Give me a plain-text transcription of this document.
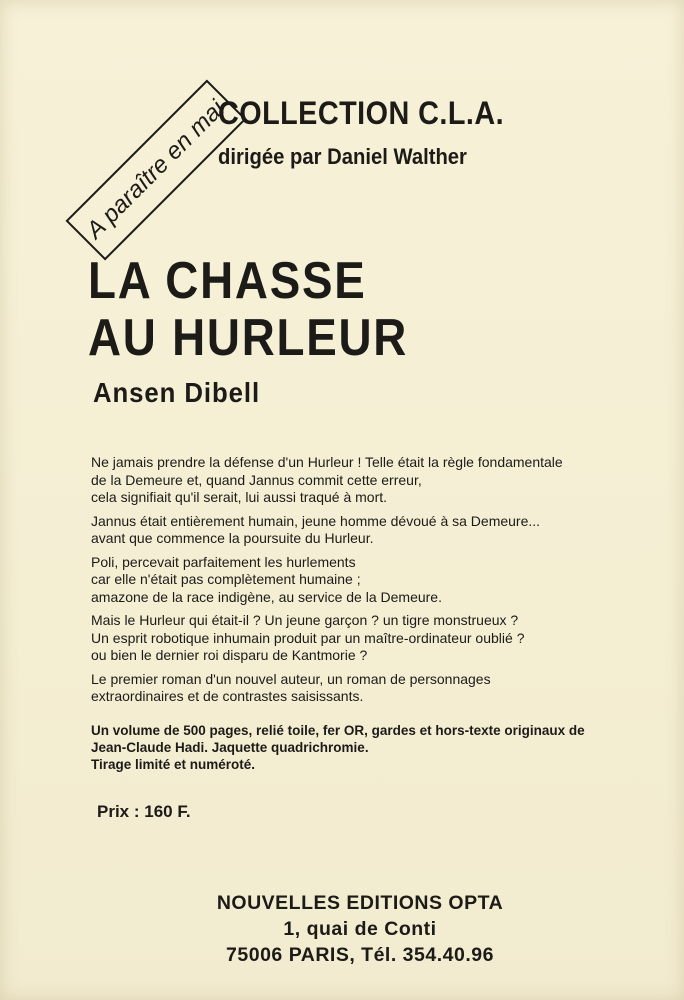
A paraître en mai
COLLECTION C.L.A.
dirigée par Daniel Walther
LA CHASSE
AU HURLEUR
Ansen Dibell

Ne jamais prendre la défense d'un Hurleur ! Telle était la règle fondamentale
de la Demeure et, quand Jannus commit cette erreur,
cela signifiait qu'il serait, lui aussi traqué à mort.

Jannus était entièrement humain, jeune homme dévoué à sa Demeure...
avant que commence la poursuite du Hurleur.

Poli, percevait parfaitement les hurlements
car elle n'était pas complètement humaine ;
amazone de la race indigène, au service de la Demeure.

Mais le Hurleur qui était-il ? Un jeune garçon ? un tigre monstrueux ?
Un esprit robotique inhumain produit par un maître-ordinateur oublié ?
ou bien le dernier roi disparu de Kantmorie ?

Le premier roman d'un nouvel auteur, un roman de personnages
extraordinaires et de contrastes saisissants.

Un volume de 500 pages, relié toile, fer OR, gardes et hors-texte originaux de
Jean-Claude Hadi. Jaquette quadrichromie.
Tirage limité et numéroté.
Prix : 160 F.
NOUVELLES EDITIONS OPTA
1, quai de Conti
75006 PARIS, Tél. 354.40.96
